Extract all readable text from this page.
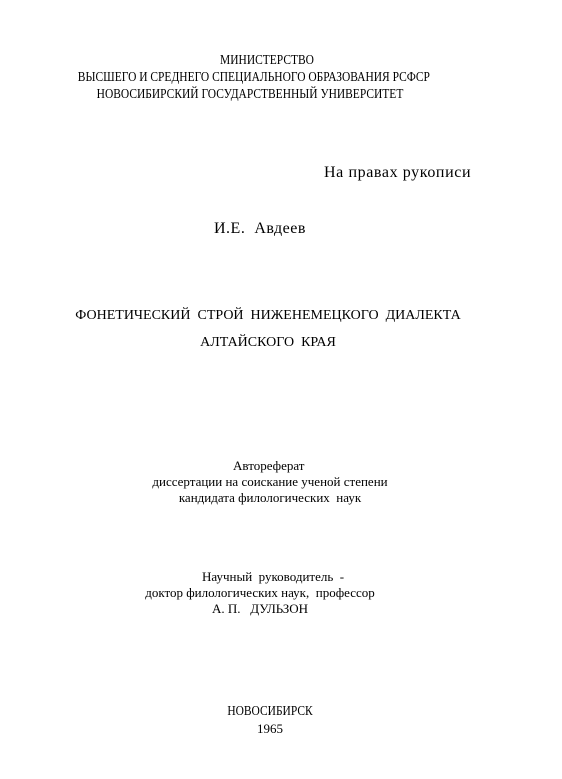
МИНИСТЕРСТВО
ВЫСШЕГО И СРЕДНЕГО СПЕЦИАЛЬНОГО ОБРАЗОВАНИЯ РСФСР
НОВОСИБИРСКИЙ ГОСУДАРСТВЕННЫЙ УНИВЕРСИТЕТ
На правах рукописи
И.Е.  Авдеев
ФОНЕТИЧЕСКИЙ  СТРОЙ  НИЖЕНЕМЕЦКОГО  ДИАЛЕКТА
АЛТАЙСКОГО  КРАЯ
Автореферат
диссертации на соискание ученой степени
кандидата филологических  наук
Научный  руководитель  -
доктор филологических наук,  профессор
А. П.   ДУЛЬЗОН
НОВОСИБИРСК
1965
